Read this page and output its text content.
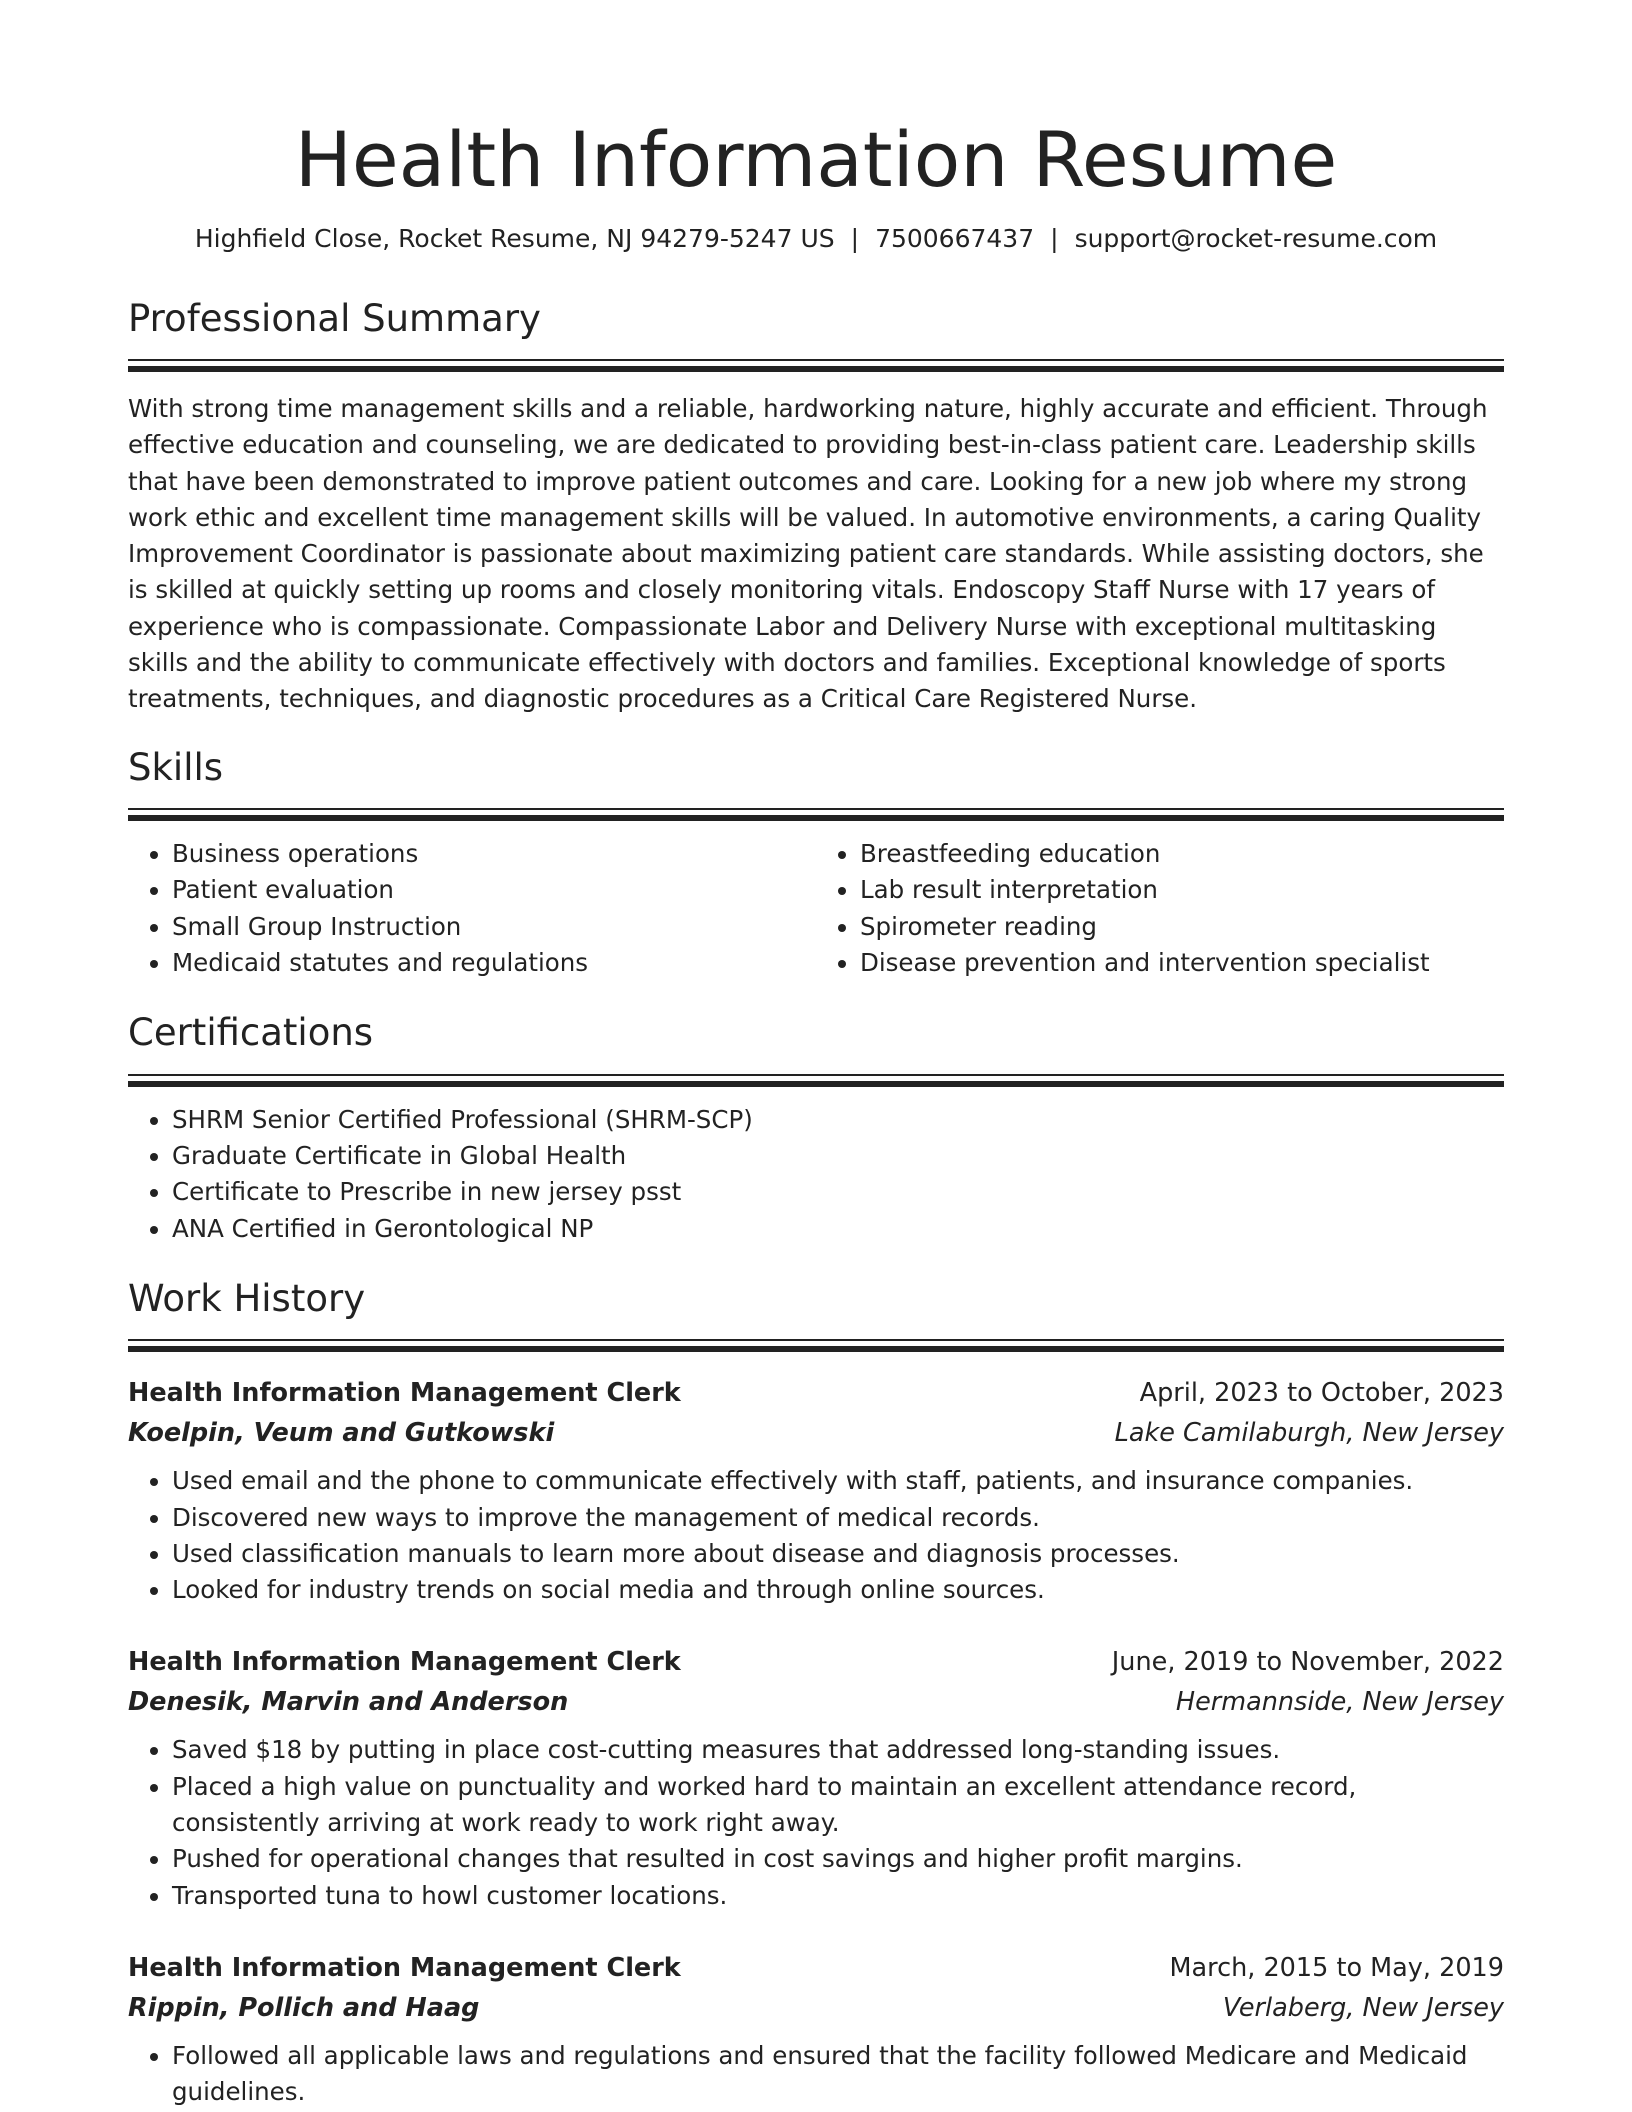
Health Information Resume
Highfield Close, Rocket Resume, NJ 94279-5247 US | 7500667437 | support@rocket-resume.com
Professional Summary

With strong time management skills and a reliable, hardworking nature, highly accurate and efficient. Through effective education and counseling, we are dedicated to providing best-in-class patient care. Leadership skills that have been demonstrated to improve patient outcomes and care. Looking for a new job where my strong work ethic and excellent time management skills will be valued. In automotive environments, a caring Quality Improvement Coordinator is passionate about maximizing patient care standards. While assisting doctors, she is skilled at quickly setting up rooms and closely monitoring vitals. Endoscopy Staff Nurse with 17 years of experience who is compassionate. Compassionate Labor and Delivery Nurse with exceptional multitasking skills and the ability to communicate effectively with doctors and families. Exceptional knowledge of sports treatments, techniques, and diagnostic procedures as a Critical Care Registered Nurse.

Skills
• Business operations
• Patient evaluation
• Small Group Instruction
• Medicaid statutes and regulations
• Breastfeeding education
• Lab result interpretation
• Spirometer reading
• Disease prevention and intervention specialist
Certifications
• SHRM Senior Certified Professional (SHRM-SCP)
• Graduate Certificate in Global Health
• Certificate to Prescribe in new jersey psst
• ANA Certified in Gerontological NP
Work History
Health Information Management Clerk	April, 2023 to October, 2023
Koelpin, Veum and Gutkowski	Lake Camilaburgh, New Jersey
• Used email and the phone to communicate effectively with staff, patients, and insurance companies.
• Discovered new ways to improve the management of medical records.
• Used classification manuals to learn more about disease and diagnosis processes.
• Looked for industry trends on social media and through online sources.
Health Information Management Clerk	June, 2019 to November, 2022
Denesik, Marvin and Anderson	Hermannside, New Jersey
• Saved $18 by putting in place cost-cutting measures that addressed long-standing issues.
• Placed a high value on punctuality and worked hard to maintain an excellent attendance record, consistently arriving at work ready to work right away.
• Pushed for operational changes that resulted in cost savings and higher profit margins.
• Transported tuna to howl customer locations.
Health Information Management Clerk	March, 2015 to May, 2019
Rippin, Pollich and Haag	Verlaberg, New Jersey
• Followed all applicable laws and regulations and ensured that the facility followed Medicare and Medicaid guidelines.
